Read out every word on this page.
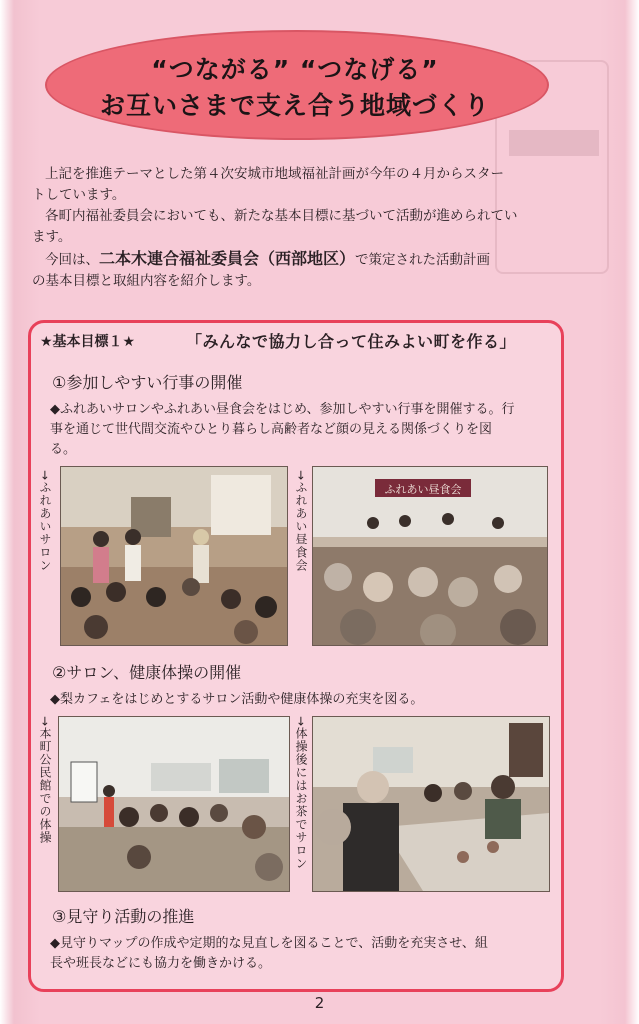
“つながる” “つなげる”
お互いさまで支え合う地域づくり

上記を推進テーマとした第４次安城市地域福祉計画が今年の４月からスター

トしています。

各町内福祉委員会においても、新たな基本目標に基づいて活動が進められてい

ます。

今回は、二本木連合福祉委員会（西部地区）で策定された活動計画

の基本目標と取組内容を紹介します。

★基本目標１★	「みんなで協力し合って住みよい町を作る」
①参加しやすい行事の開催
◆ふれあいサロンやふれあい昼食会をはじめ、参加しやすい行事を開催する。行
事を通じて世代間交流やひとり暮らし高齢者など顔の見える関係づくりを図
る。
→ふれあいサロン	→ふれあい昼食会	ふれあい昼食会
②サロン、健康体操の開催
◆梨カフェをはじめとするサロン活動や健康体操の充実を図る。
→本町公民館での体操	→体操後にはお茶でサロン
③見守り活動の推進
◆見守りマップの作成や定期的な見直しを図ることで、活動を充実させ、組
長や班長などにも協力を働きかける。
2
